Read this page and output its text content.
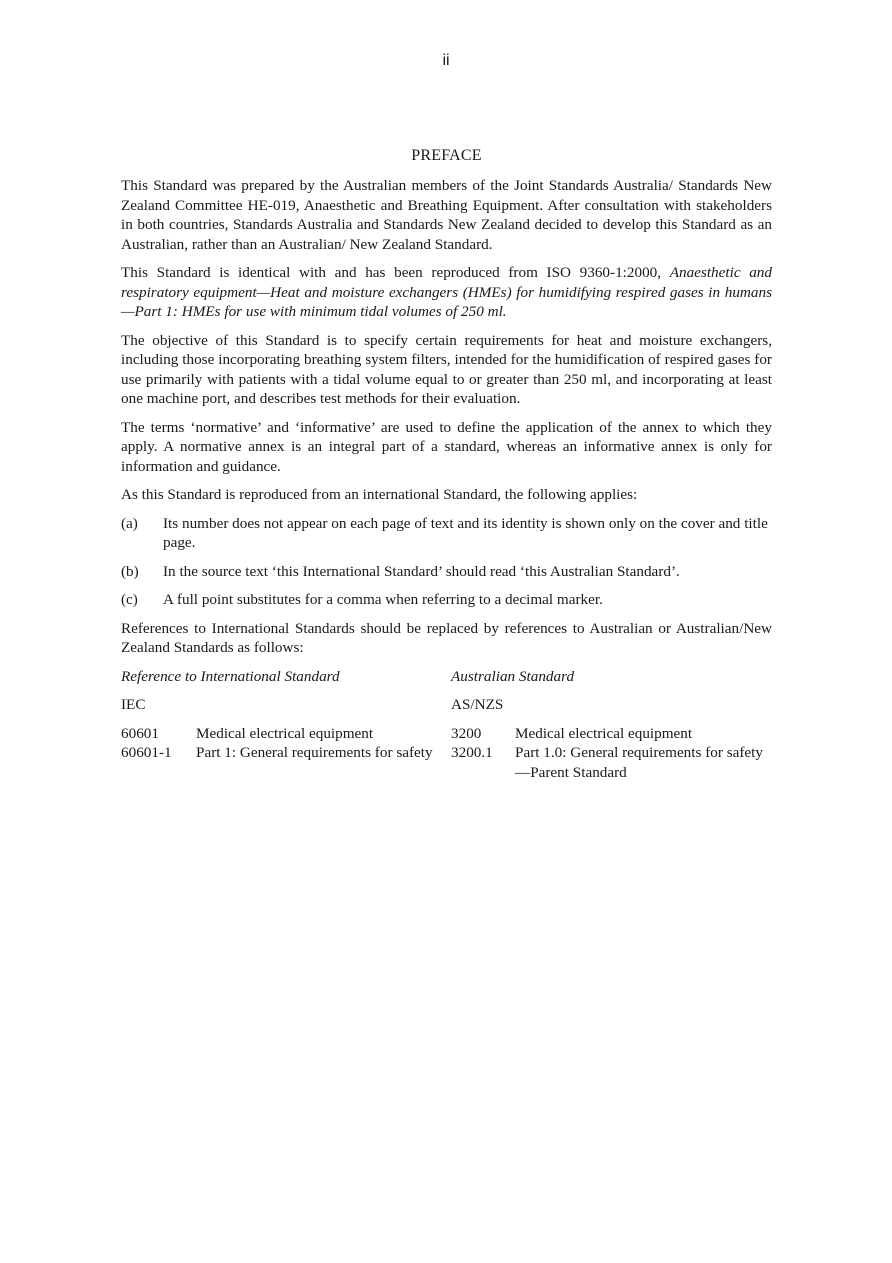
ii
PREFACE

This Standard was prepared by the Australian members of the Joint Standards Australia/ Standards New Zealand Committee HE-019, Anaesthetic and Breathing Equipment. After consultation with stakeholders in both countries, Standards Australia and Standards New Zealand decided to develop this Standard as an Australian, rather than an Australian/ New Zealand Standard.

This Standard is identical with and has been reproduced from ISO 9360-1:2000, Anaesthetic and respiratory equipment—Heat and moisture exchangers (HMEs) for humidifying respired gases in humans—Part 1: HMEs for use with minimum tidal volumes of 250 ml.

The objective of this Standard is to specify certain requirements for heat and moisture exchangers, including those incorporating breathing system filters, intended for the humidification of respired gases for use primarily with patients with a tidal volume equal to or greater than 250 ml, and incorporating at least one machine port, and describes test methods for their evaluation.

The terms ‘normative’ and ‘informative’ are used to define the application of the annex to which they apply. A normative annex is an integral part of a standard, whereas an informative annex is only for information and guidance.

As this Standard is reproduced from an international Standard, the following applies:
(a)	Its number does not appear on each page of text and its identity is shown only on the cover and title page.
(b)	In the source text ‘this International Standard’ should read ‘this Australian Standard’.
(c)	A full point substitutes for a comma when referring to a decimal marker.

References to International Standards should be replaced by references to Australian or Australian/New Zealand Standards as follows:

Reference to International Standard	Australian Standard
IEC	AS/NZS
60601	Medical electrical equipment	3200	Medical electrical equipment
60601-1	Part 1: General requirements for safety	3200.1	Part 1.0: General requirements for safety—Parent Standard
